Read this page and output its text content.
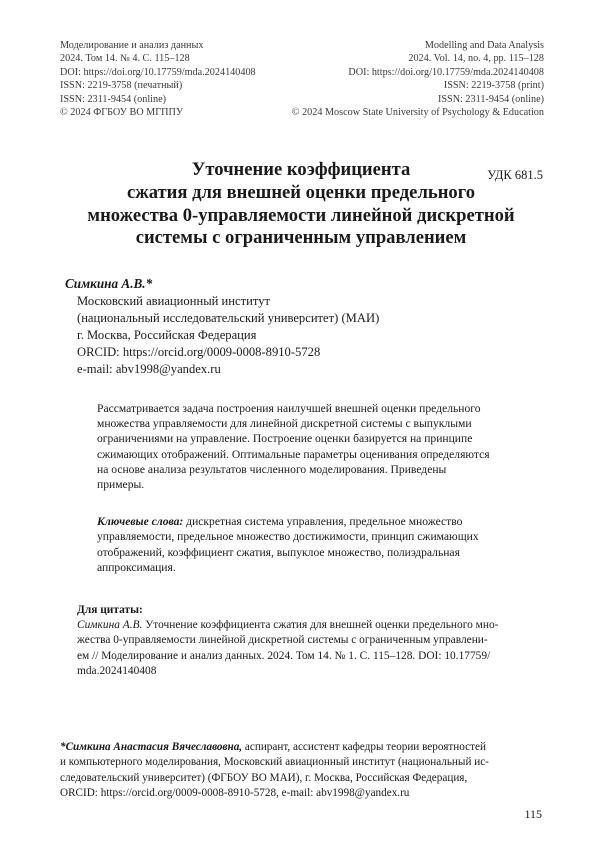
Моделирование и анализ данных
2024. Том 14. № 4. С. 115–128
DOI: https://doi.org/10.17759/mda.2024140408
ISSN: 2219-3758 (печатный)
ISSN: 2311-9454 (online)
© 2024 ФГБОУ ВО МГППУ
Modelling and Data Analysis
2024. Vol. 14, no. 4, pp. 115–128
DOI: https://doi.org/10.17759/mda.2024140408
ISSN: 2219-3758 (print)
ISSN: 2311-9454 (online)
© 2024 Moscow State University of Psychology & Education
УДК 681.5
Уточнение коэффициента
сжатия для внешней оценки предельного
множества 0-управляемости линейной дискретной
системы с ограниченным управлением
Симкина А.В.*
Московский авиационный институт
(национальный исследовательский университет) (МАИ)
г. Москва, Российская Федерация
ORCID: https://orcid.org/0009-0008-8910-5728
e-mail: abv1998@yandex.ru
Рассматривается задача построения наилучшей внешней оценки предельного
множества управляемости для линейной дискретной системы с выпуклыми
ограничениями на управление. Построение оценки базируется на принципе
сжимающих отображений. Оптимальные параметры оценивания определяются
на основе анализа результатов численного моделирования. Приведены
примеры.
Ключевые слова: дискретная система управления, предельное множество
управляемости, предельное множество достижимости, принцип сжимающих
отображений, коэффициент сжатия, выпуклое множество, полиэдральная
аппроксимация.
Для цитаты:
Симкина А.В. Уточнение коэффициента сжатия для внешней оценки предельного мно-
жества 0-управляемости линейной дискретной системы с ограниченным управлени-
ем // Моделирование и анализ данных. 2024. Том 14. № 1. С. 115–128. DOI: 10.17759/
mda.2024140408
*Симкина Анастасия Вячеславовна, аспирант, ассистент кафедры теории вероятностей
и компьютерного моделирования, Московский авиационный институт (национальный ис-
следовательский университет) (ФГБОУ ВО МАИ), г. Москва, Российская Федерация,
ORCID: https://orcid.org/0009-0008-8910-5728, e-mail: abv1998@yandex.ru
115
